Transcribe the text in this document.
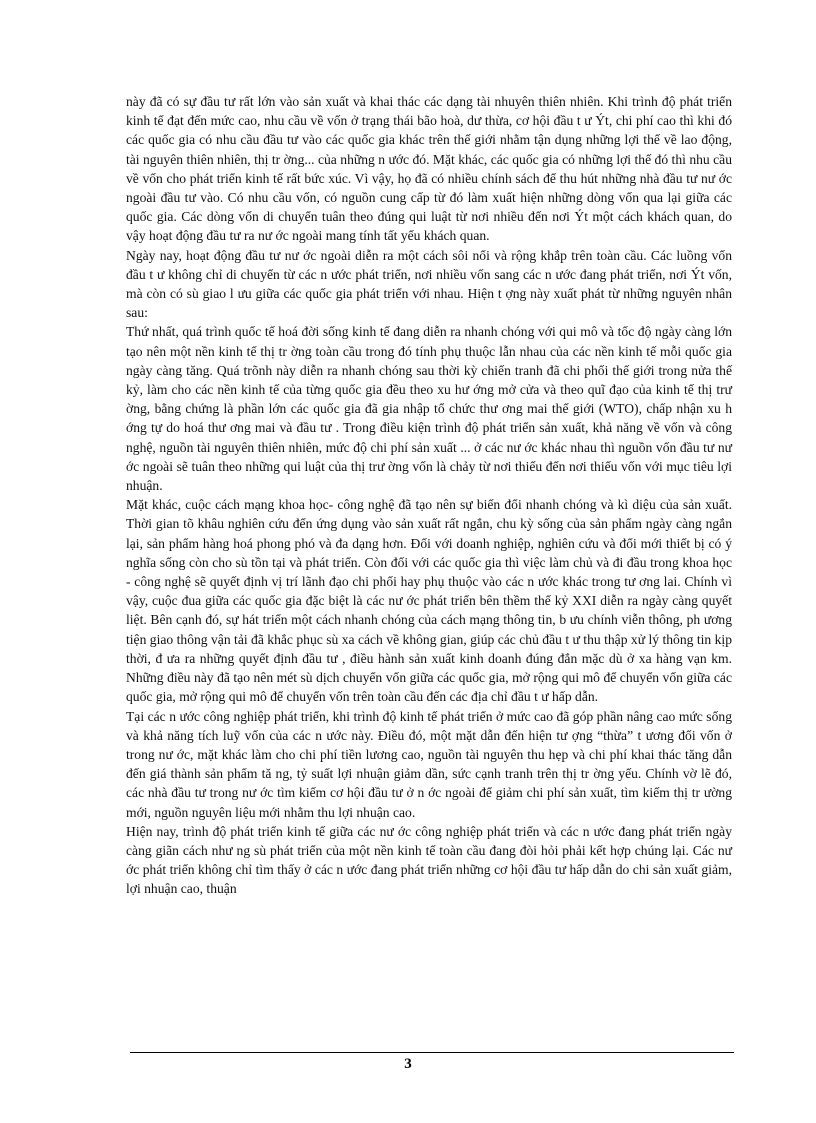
này đã có sự đầu tư rất lớn vào sản xuất và khai thác các dạng tài nhuyên thiên nhiên. Khi trình độ phát triển kinh tế đạt đến mức cao, nhu cầu về vốn ở trạng thái bão hoà, dư thừa, cơ hội đầu t ư Ýt, chi phí cao thì khi đó các quốc gia có nhu cầu đầu tư vào các quốc gia khác trên thế giới nhằm tận dụng những lợi thế về lao động, tài nguyên thiên nhiên, thị tr ờng... của những n ước đó. Mặt khác, các quốc gia có những lợi thế đó thì nhu cầu về vốn cho phát triển kinh tế rất bức xúc. Vì vậy, họ đã có nhiều chính sách để thu hút những nhà đầu tư nư ớc ngoài đầu tư vào. Có nhu cầu vốn, có nguồn cung cấp từ đó làm xuất hiện những dòng vốn qua lại giữa các quốc gia. Các dòng vốn di chuyển tuân theo đúng qui luật từ nơi nhiều đến nơi Ýt một cách khách quan, do vậy hoạt động đầu tư ra nư ớc ngoài mang tính tất yếu khách quan.

Ngày nay, hoạt động đầu tư nư ớc ngoài diễn ra một cách sôi nổi và rộng khắp trên toàn cầu. Các luồng vốn đầu t ư không chỉ di chuyển từ các n ước phát triển, nơi nhiều vốn sang các n ước đang phát triển, nơi Ýt vốn, mà còn có sù giao l ưu giữa các quốc gia phát triển với nhau. Hiện t ợng này xuất phát từ những nguyên nhân sau:

Thứ nhất, quá trình quốc tế hoá đời sống kinh tế đang diễn ra nhanh chóng với qui mô và tốc độ ngày càng lớn tạo nên một nền kinh tế thị tr ờng toàn cầu trong đó tính phụ thuộc lẫn nhau của các nền kinh tế mỗi quốc gia ngày càng tăng. Quá trõnh này diễn ra nhanh chóng sau thời kỳ chiến tranh đã chi phối thế giới trong nửa thế kỷ, làm cho các nền kinh tế của từng quốc gia đều theo xu hư ớng mở cửa và theo quĩ đạo của kinh tế thị trư ờng, bằng chứng là phần lớn các quốc gia đã gia nhập tổ chức thư ơng mai thế giới (WTO), chấp nhận xu h ớng tự do hoá thư ơng mai và đầu tư . Trong điều kiện trình độ phát triển sản xuất, khả năng về vốn và công nghệ, nguồn tài nguyên thiên nhiên, mức độ chi phí sản xuất ... ở các nư ớc khác nhau thì nguồn vốn đầu tư nư ớc ngoài sẽ tuân theo những qui luật của thị trư ờng vốn là chảy từ nơi thiếu đến nơi thiếu vốn với mục tiêu lợi nhuận.

Mặt khác, cuộc cách mạng khoa học- công nghệ đã tạo nên sự biến đổi nhanh chóng và kì diệu của sản xuất. Thời gian tõ khâu nghiên cứu đến ứng dụng vào sản xuất rất ngắn, chu kỳ sống của sản phẩm ngày càng ngắn lại, sản phẩm hàng hoá phong phó và đa dạng hơn. Đối với doanh nghiệp, nghiên cứu và đổi mới thiết bị có ý nghĩa sống còn cho sù tồn tại và phát triển. Còn đối với các quốc gia thì việc làm chủ và đi đầu trong khoa học - công nghệ sẽ quyết định vị trí lãnh đạo chi phối hay phụ thuộc vào các n ước khác trong tư ơng lai. Chính vì vậy, cuộc đua giữa các quốc gia đặc biệt là các nư ớc phát triển bên thềm thế kỷ XXI diễn ra ngày càng quyết liệt. Bên cạnh đó, sự hát triển một cách nhanh chóng của cách mạng thông tin, b ưu chính viễn thông, ph ương tiện giao thông vận tải đã khắc phục sù xa cách về không gian, giúp các chủ đầu t ư thu thập xử lý thông tin kịp thời, đ ưa ra những quyết định đầu tư , điều hành sản xuất kinh doanh đúng đắn mặc dù ở xa hàng vạn km. Những điều này đã tạo nên mét sù dịch chuyển vốn giữa các quốc gia, mở rộng qui mô để chuyển vốn giữa các quốc gia, mở rộng qui mô để chuyển vốn trên toàn cầu đến các địa chỉ đầu t ư hấp dẫn.

Tại các n ước công nghiệp phát triển, khi trình độ kinh tế phát triển ở mức cao đã góp phần nâng cao mức sống và khả năng tích luỹ vốn của các n ước này. Điều đó, một mặt dẫn đến hiện tư ợng “thừa” t ương đối vốn ở trong nư ớc, mặt khác làm cho chi phí tiền lương cao, nguồn tài nguyên thu hẹp và chi phí khai thác tăng dẫn đến giá thành sản phẩm tă ng, tỷ suất lợi nhuận giảm dần, sức cạnh tranh trên thị tr ờng yếu. Chính vờ lẽ đó, các nhà đầu tư trong nư ớc tìm kiếm cơ hội đầu tư ở n ớc ngoài để giảm chi phí sản xuất, tìm kiếm thị tr ường mới, nguồn nguyên liệu mới nhằm thu lợi nhuận cao.

Hiện nay, trình độ phát triển kinh tế giữa các nư ớc công nghiệp phát triển và các n ước đang phát triển ngày càng giãn cách như ng sù phát triển của một nền kinh tế toàn cầu đang đòi hỏi phải kết hợp chúng lại. Các nư ớc phát triển không chỉ tìm thấy ở các n ước đang phát triển những cơ hội đầu tư hấp dẫn do chi sản xuất giảm, lợi nhuận cao, thuận

3
